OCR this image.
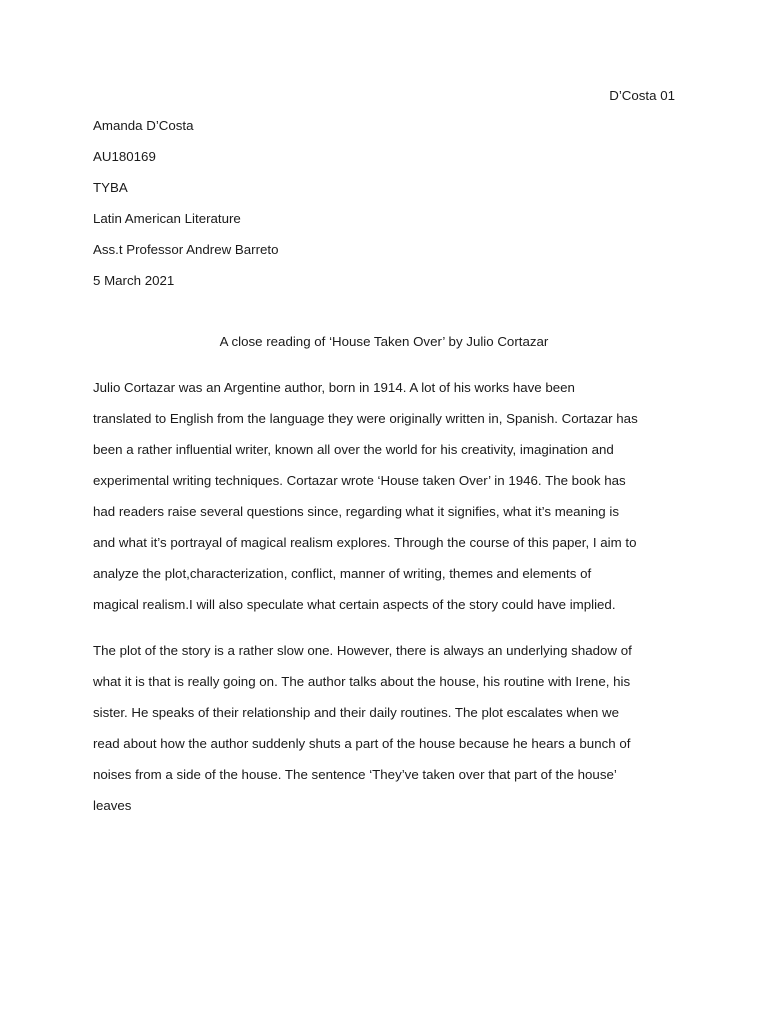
D’Costa 01
Amanda D’Costa
AU180169
TYBA
Latin American Literature
Ass.t Professor Andrew Barreto
5 March 2021
A close reading of ‘House Taken Over’ by Julio Cortazar
Julio Cortazar was an Argentine author, born in 1914. A lot of his works have been
translated to English from the language they were originally written in, Spanish. Cortazar has
been a rather influential writer, known all over the world for his creativity, imagination and
experimental writing techniques. Cortazar wrote ‘House taken Over’ in 1946. The book has
had readers raise several questions since, regarding what it signifies, what it’s meaning is
and what it’s portrayal of magical realism explores. Through the course of this paper, I aim to
analyze the plot,characterization, conflict, manner of writing, themes and elements of
magical realism.I will also speculate what certain aspects of the story could have implied.
The plot of the story is a rather slow one. However, there is always an underlying shadow of
what it is that is really going on. The author talks about the house, his routine with Irene, his
sister. He speaks of their relationship and their daily routines. The plot escalates when we
read about how the author suddenly shuts a part of the house because he hears a bunch of
noises from a side of the house. The sentence ‘They’ve taken over that part of the house’
leaves
